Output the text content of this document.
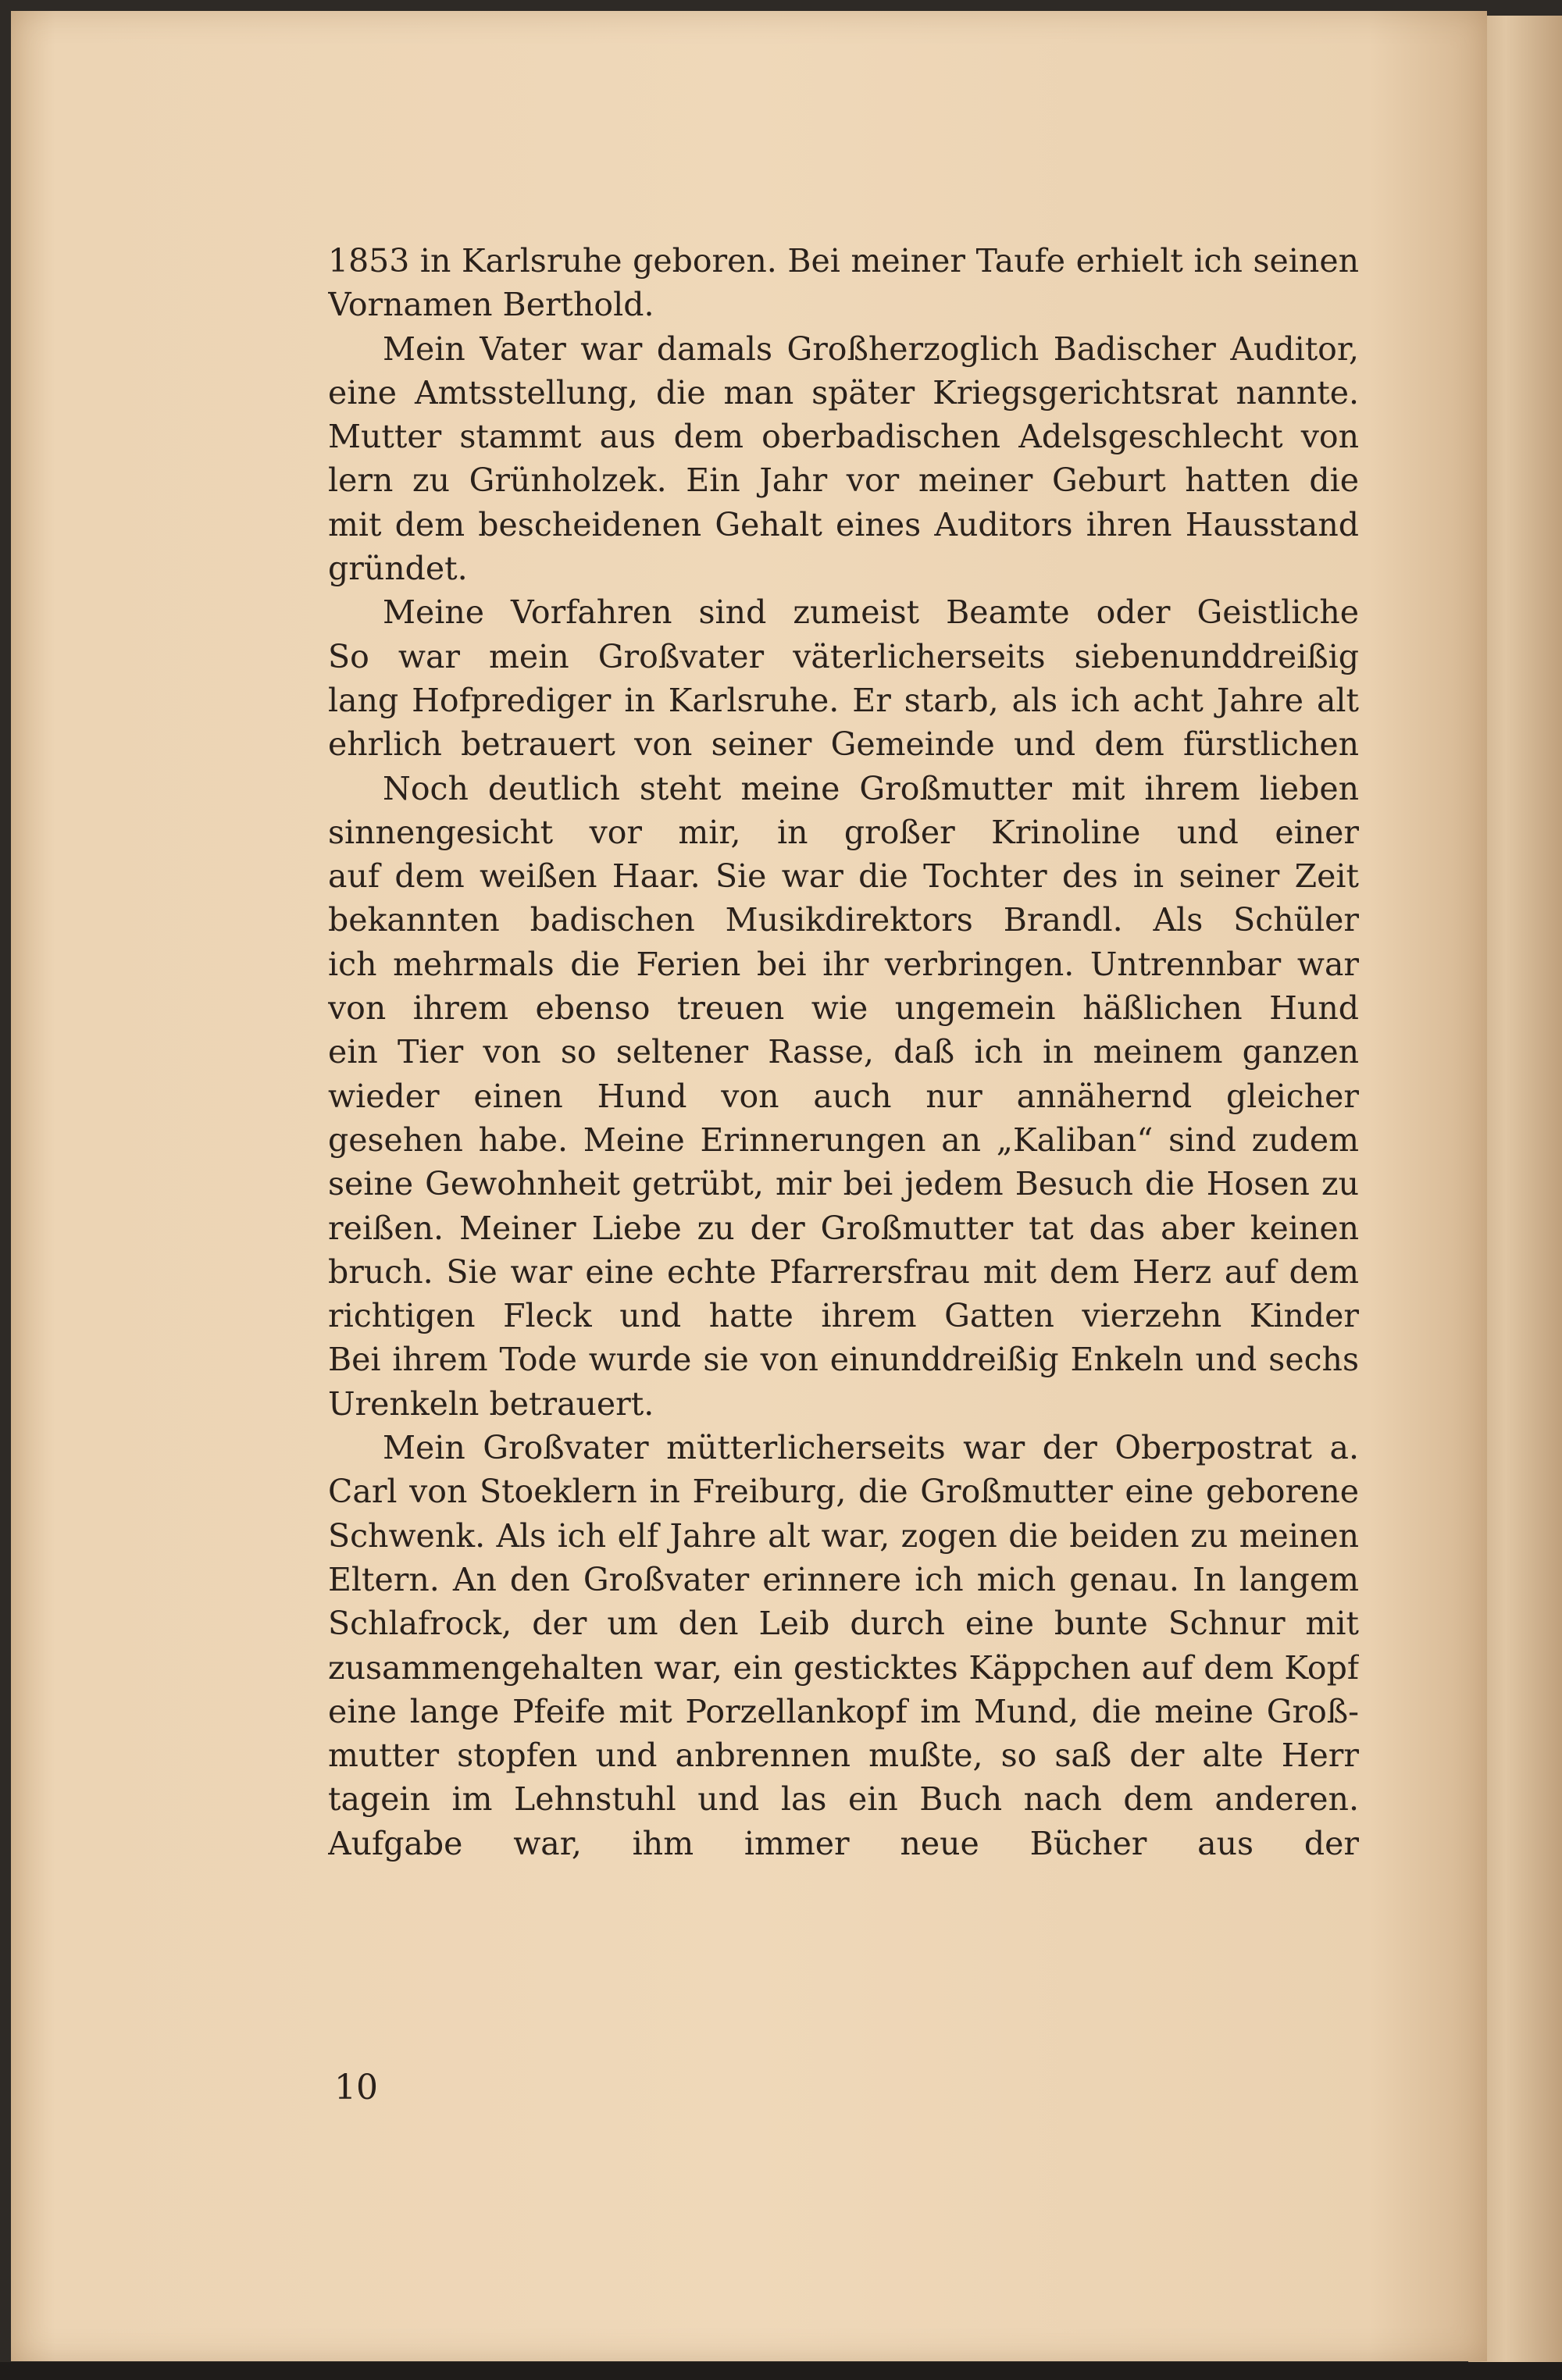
1853 in Karlsruhe geboren. Bei meiner Taufe erhielt ich seinen
Vornamen Berthold.
Mein Vater war damals Großherzoglich Badischer Auditor,
eine Amtsstellung, die man später Kriegsgerichtsrat nannte.
Mutter stammt aus dem oberbadischen Adelsgeschlecht von
lern zu Grünholzek. Ein Jahr vor meiner Geburt hatten die
mit dem bescheidenen Gehalt eines Auditors ihren Hausstand
gründet.
Meine Vorfahren sind zumeist Beamte oder Geistliche
So war mein Großvater väterlicherseits siebenunddreißig
lang Hofprediger in Karlsruhe. Er starb, als ich acht Jahre alt
ehrlich betrauert von seiner Gemeinde und dem fürstlichen
Noch deutlich steht meine Großmutter mit ihrem lieben
sinnengesicht vor mir, in großer Krinoline und einer
auf dem weißen Haar. Sie war die Tochter des in seiner Zeit
bekannten badischen Musikdirektors Brandl. Als Schüler
ich mehrmals die Ferien bei ihr verbringen. Untrennbar war
von ihrem ebenso treuen wie ungemein häßlichen Hund
ein Tier von so seltener Rasse, daß ich in meinem ganzen
wieder einen Hund von auch nur annähernd gleicher
gesehen habe. Meine Erinnerungen an „Kaliban“ sind zudem
seine Gewohnheit getrübt, mir bei jedem Besuch die Hosen zu
reißen. Meiner Liebe zu der Großmutter tat das aber keinen
bruch. Sie war eine echte Pfarrersfrau mit dem Herz auf dem
richtigen Fleck und hatte ihrem Gatten vierzehn Kinder
Bei ihrem Tode wurde sie von einunddreißig Enkeln und sechs
Urenkeln betrauert.
Mein Großvater mütterlicherseits war der Oberpostrat a.
Carl von Stoeklern in Freiburg, die Großmutter eine geborene
Schwenk. Als ich elf Jahre alt war, zogen die beiden zu meinen
Eltern. An den Großvater erinnere ich mich genau. In langem
Schlafrock, der um den Leib durch eine bunte Schnur mit
zusammengehalten war, ein gesticktes Käppchen auf dem Kopf
eine lange Pfeife mit Porzellankopf im Mund, die meine Groß-
mutter stopfen und anbrennen mußte, so saß der alte Herr
tagein im Lehnstuhl und las ein Buch nach dem anderen.
Aufgabe war, ihm immer neue Bücher aus der
10
